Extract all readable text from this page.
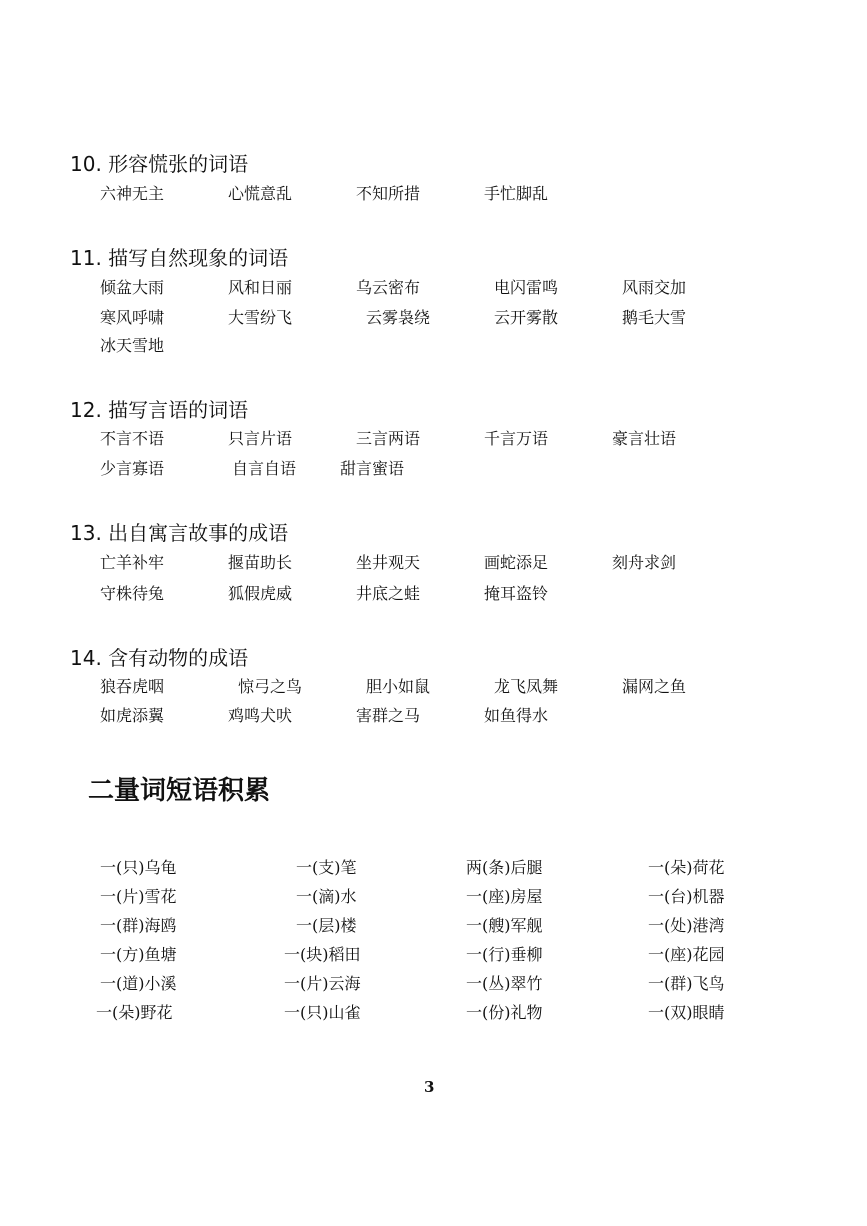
10. 形容慌张的词语
六神无主	心慌意乱	不知所措	手忙脚乱
11. 描写自然现象的词语
倾盆大雨	风和日丽	乌云密布	电闪雷鸣	风雨交加
寒风呼啸	大雪纷飞	云雾袅绕	云开雾散	鹅毛大雪
冰天雪地
12. 描写言语的词语
不言不语	只言片语	三言两语	千言万语	豪言壮语
少言寡语	自言自语	甜言蜜语
13. 出自寓言故事的成语
亡羊补牢	揠苗助长	坐井观天	画蛇添足	刻舟求剑
守株待兔	狐假虎威	井底之蛙	掩耳盗铃
14. 含有动物的成语
狼吞虎咽	惊弓之鸟	胆小如鼠	龙飞凤舞	漏网之鱼
如虎添翼	鸡鸣犬吠	害群之马	如鱼得水
二量词短语积累
一(只)乌龟	一(支)笔	两(条)后腿	一(朵)荷花
一(片)雪花	一(滴)水	一(座)房屋	一(台)机器
一(群)海鸥	一(层)楼	一(艘)军舰	一(处)港湾
一(方)鱼塘	一(块)稻田	一(行)垂柳	一(座)花园
一(道)小溪	一(片)云海	一(丛)翠竹	一(群)飞鸟
一(朵)野花	一(只)山雀	一(份)礼物	一(双)眼睛
3
